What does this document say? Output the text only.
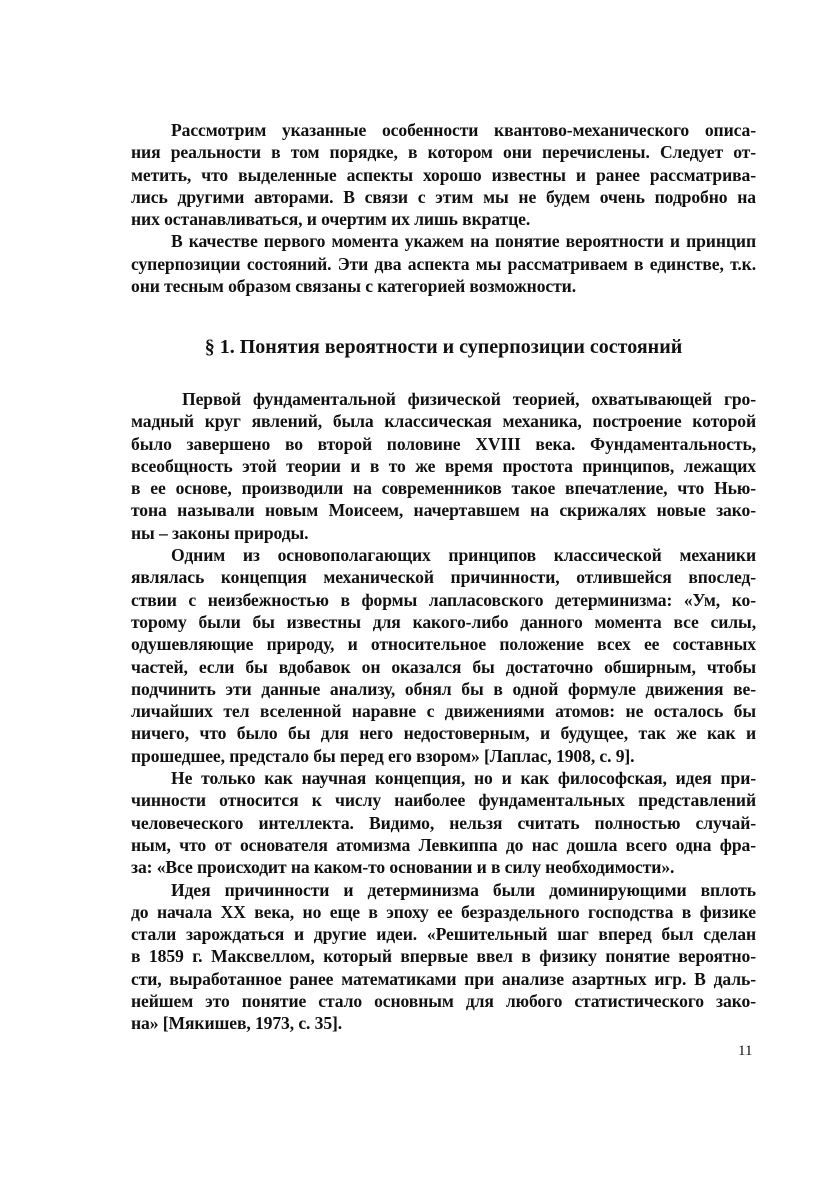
Рассмотрим указанные особенности квантово-механического описа-
ния реальности в том порядке, в котором они перечислены. Следует от-
метить, что выделенные аспекты хорошо известны и ранее рассматрива-
лись другими авторами. В связи с этим мы не будем очень подробно на
них останавливаться, и очертим их лишь вкратце.

В качестве первого момента укажем на понятие вероятности и принцип
суперпозиции состояний. Эти два аспекта мы рассматриваем в единстве, т.к.
они тесным образом связаны с категорией возможности.

§ 1. Понятия вероятности и суперпозиции состояний

Первой фундаментальной физической теорией, охватывающей гро-
мадный круг явлений, была классическая механика, построение которой
было завершено во второй половине XVIII века. Фундаментальность,
всеобщность этой теории и в то же время простота принципов, лежащих
в ее основе, производили на современников такое впечатление, что Нью-
тона называли новым Моисеем, начертавшем на скрижалях новые зако-
ны – законы природы.

Одним из основополагающих принципов классической механики
являлась концепция механической причинности, отлившейся впослед-
ствии с неизбежностью в формы лапласовского детерминизма: «Ум, ко-
торому были бы известны для какого-либо данного момента все силы,
одушевляющие природу, и относительное положение всех ее составных
частей, если бы вдобавок он оказался бы достаточно обширным, чтобы
подчинить эти данные анализу, обнял бы в одной формуле движения ве-
личайших тел вселенной наравне с движениями атомов: не осталось бы
ничего, что было бы для него недостоверным, и будущее, так же как и
прошедшее, предстало бы перед его взором» [Лаплас, 1908, с. 9].

Не только как научная концепция, но и как философская, идея при-
чинности относится к числу наиболее фундаментальных представлений
человеческого интеллекта. Видимо, нельзя считать полностью случай-
ным, что от основателя атомизма Левкиппа до нас дошла всего одна фра-
за: «Все происходит на каком-то основании и в силу необходимости».

Идея причинности и детерминизма были доминирующими вплоть
до начала XX века, но еще в эпоху ее безраздельного господства в физике
стали зарождаться и другие идеи. «Решительный шаг вперед был сделан
в 1859 г. Максвеллом, который впервые ввел в физику понятие вероятно-
сти, выработанное ранее математиками при анализе азартных игр. В даль-
нейшем это понятие стало основным для любого статистического зако-
на» [Мякишев, 1973, с. 35].

11
